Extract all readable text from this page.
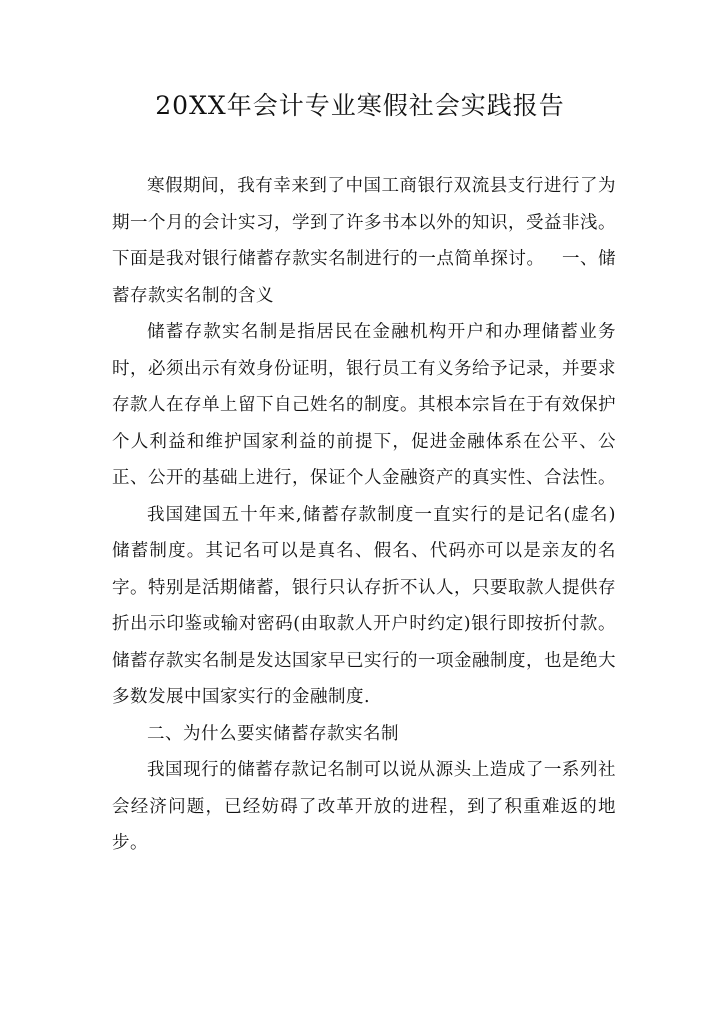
20XX年会计专业寒假社会实践报告

寒假期间，我有幸来到了中国工商银行双流县支行进行了为期一个月的会计实习，学到了许多书本以外的知识，受益非浅。下面是我对银行储蓄存款实名制进行的一点简单探讨。 一、储蓄存款实名制的含义

储蓄存款实名制是指居民在金融机构开户和办理储蓄业务时，必须出示有效身份证明，银行员工有义务给予记录，并要求存款人在存单上留下自己姓名的制度。其根本宗旨在于有效保护个人利益和维护国家利益的前提下，促进金融体系在公平、公正、公开的基础上进行，保证个人金融资产的真实性、合法性。

我国建国五十年来,储蓄存款制度一直实行的是记名(虚名)储蓄制度。其记名可以是真名、假名、代码亦可以是亲友的名字。特别是活期储蓄，银行只认存折不认人，只要取款人提供存折出示印鉴或输对密码(由取款人开户时约定)银行即按折付款。储蓄存款实名制是发达国家早已实行的一项金融制度，也是绝大多数发展中国家实行的金融制度.

二、为什么要实储蓄存款实名制

我国现行的储蓄存款记名制可以说从源头上造成了一系列社会经济问题，已经妨碍了改革开放的进程，到了积重难返的地步。
